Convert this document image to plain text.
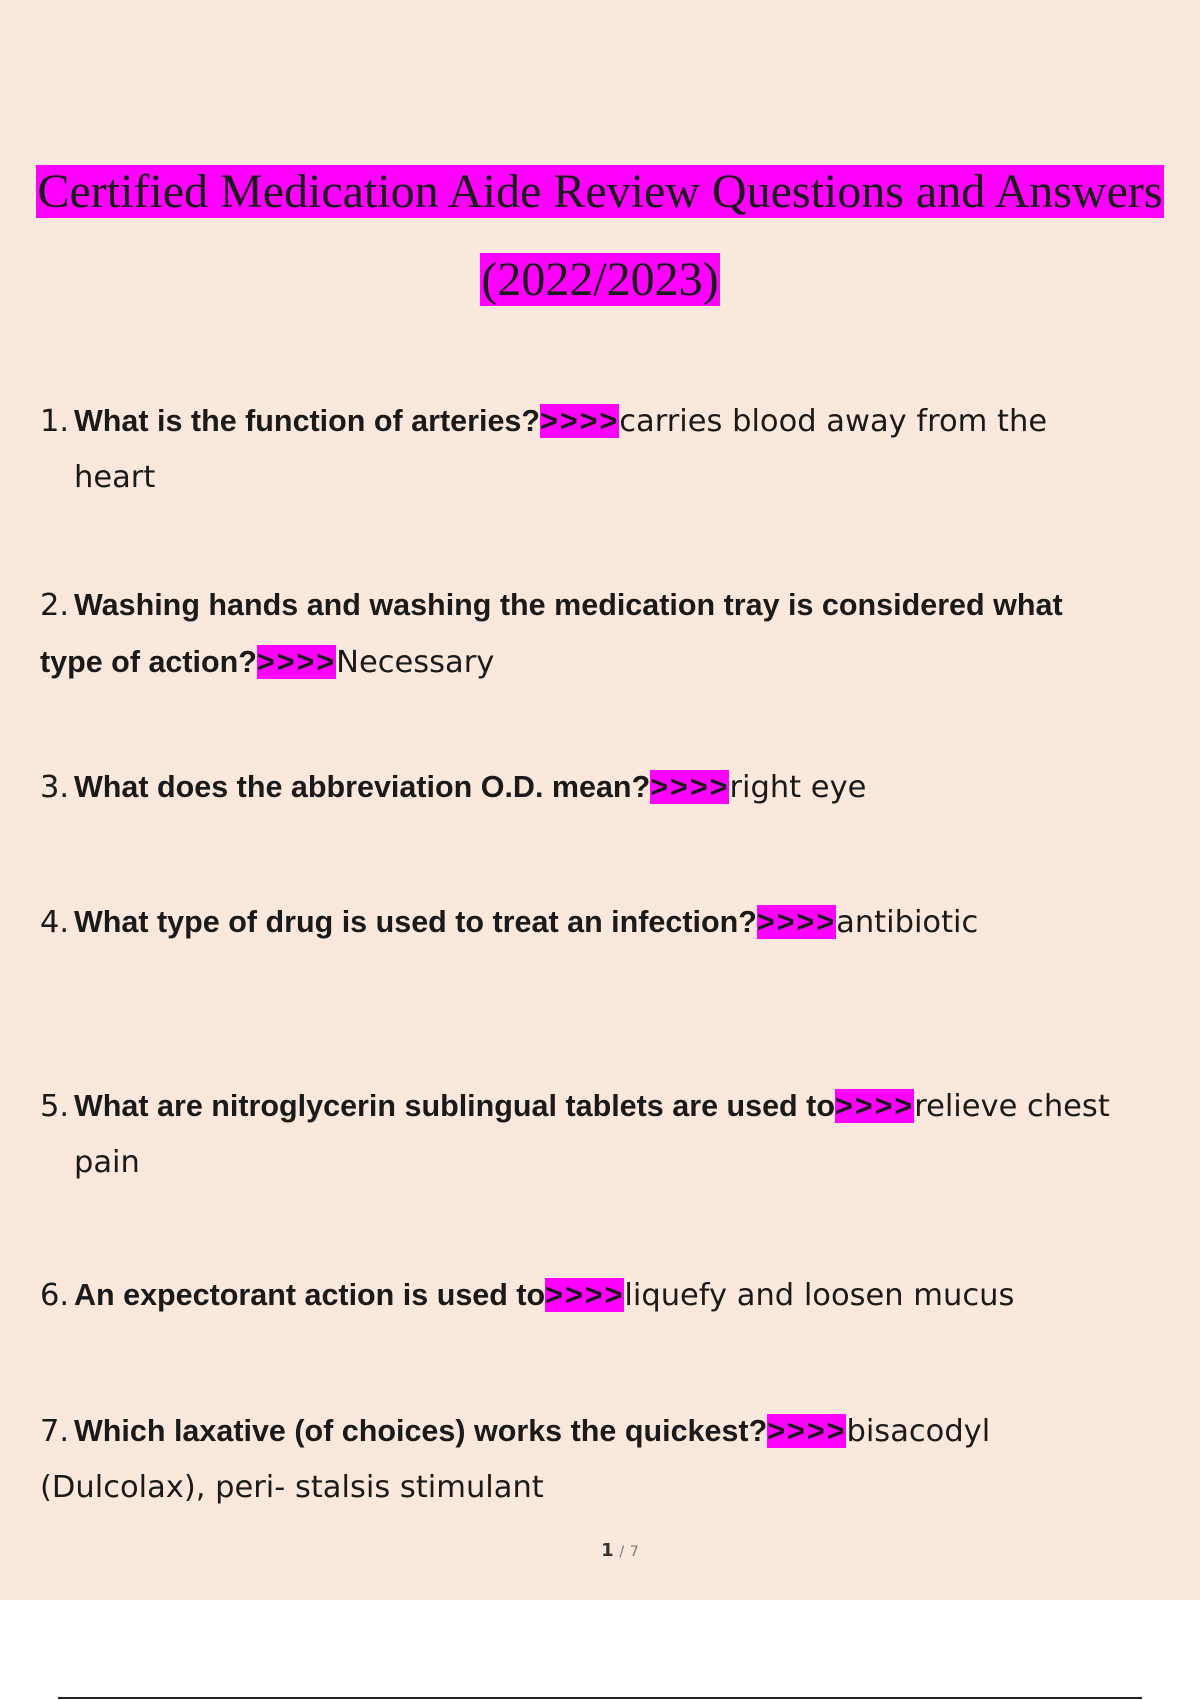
Certified Medication Aide Review Questions and Answers
(2022/2023)
1. What is the function of arteries?>>>>carries blood away from the
heart
2. Washing hands and washing the medication tray is considered what
type of action?>>>>Necessary
3. What does the abbreviation O.D. mean?>>>>right eye
4. What type of drug is used to treat an infection?>>>>antibiotic
5. What are nitroglycerin sublingual tablets are used to>>>>relieve chest
pain
6. An expectorant action is used to>>>>liquefy and loosen mucus
7. Which laxative (of choices) works the quickest?>>>>bisacodyl
(Dulcolax), peri- stalsis stimulant
1 / 7
